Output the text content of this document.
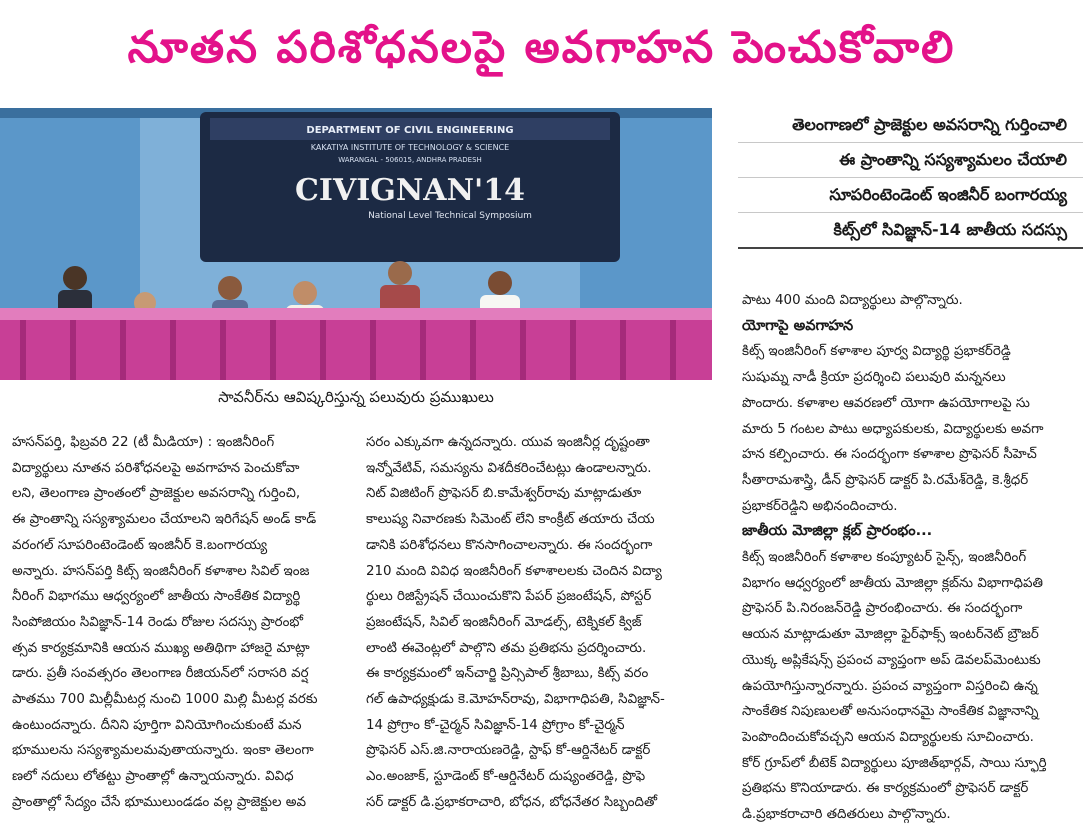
నూతన పరిశోధనలపై అవగాహన పెంచుకోవాలి
DEPARTMENT OF CIVIL ENGINEERING
KAKATIYA INSTITUTE OF TECHNOLOGY & SCIENCE
WARANGAL - 506015, ANDHRA PRADESH
CIVIGNAN'14
National Level Technical Symposium
సావనీర్‌ను ఆవిష్కరిస్తున్న పలువురు ప్రముఖులు
తెలంగాణలో ప్రాజెక్టుల అవసరాన్ని గుర్తించాలి
ఈ ప్రాంతాన్ని సస్యశ్యామలం చేయాలి
సూపరింటెండెంట్ ఇంజినీర్ బంగారయ్య
కిట్స్‌లో సివిజ్ఞాన్-14 జాతీయ సదస్సు

హసన్‌పర్తి, ఫిబ్రవరి 22 (టీ మీడియా) : ఇంజినీరింగ్

విద్యార్థులు నూతన పరిశోధనలపై అవగాహన పెంచుకోవా

లని, తెలంగాణ ప్రాంతంలో ప్రాజెక్టుల అవసరాన్ని గుర్తించి,

ఈ ప్రాంతాన్ని సస్యశ్యామలం చేయాలని ఇరిగేషన్ అండ్ కాడ్

వరంగల్ సూపరింటెండెంట్ ఇంజినీర్ కె.బంగారయ్య

అన్నారు. హసన్‌పర్తి కిట్స్ ఇంజినీరింగ్ కళాశాల సివిల్ ఇంజ

నీరింగ్ విభాగము ఆధ్వర్యంలో జాతీయ సాంకేతిక విద్యార్థి

సింపోజియం సివిజ్ఞాన్-14 రెండు రోజుల సదస్సు ప్రారంభో

త్సవ కార్యక్రమానికి ఆయన ముఖ్య అతిథిగా హాజరై మాట్లా

డారు. ప్రతీ సంవత్సరం తెలంగాణ రీజియన్‌లో సరాసరి వర్ష

పాతము 700 మిల్లీమీటర్ల నుంచి 1000 మిల్లి మీటర్ల వరకు

ఉంటుందన్నారు. దీనిని పూర్తిగా వినియోగించుకుంటే మన

భూములను సస్యశ్యామలమవుతాయన్నారు. ఇంకా తెలంగా

ణలో నదులు లోతట్టు ప్రాంతాల్లో ఉన్నాయన్నారు. వివిధ

ప్రాంతాల్లో సేద్యం చేసే భూములుండడం వల్ల ప్రాజెక్టుల అవ

సరం ఎక్కువగా ఉన్నదన్నారు. యువ ఇంజినీర్ల దృష్టంతా

ఇన్నోవేటివ్, సమస్యను విశదీకరించేటట్లు ఉండాలన్నారు.

నిట్ విజిటింగ్ ప్రొఫెసర్ బి.కామేశ్వర్‌రావు మాట్లాడుతూ

కాలుష్య నివారణకు సిమెంట్ లేని కాంక్రీట్ తయారు చేయ

డానికి పరిశోధనలు కొనసాగించాలన్నారు. ఈ సందర్భంగా

210 మంది వివిధ ఇంజినీరింగ్ కళాశాలలకు చెందిన విద్యా

ర్థులు రిజిస్ట్రేషన్ చేయించుకొని పేపర్ ప్రజంటేషన్, పోస్టర్

ప్రజంటేషన్, సివిల్ ఇంజినీరింగ్ మోడల్స్, టెక్నికల్ క్విజ్

లాంటి ఈవెంట్లలో పాల్గొని తమ ప్రతిభను ప్రదర్శించారు.

ఈ కార్యక్రమంలో ఇన్‌చార్జి ప్రిన్సిపాల్ శ్రీబాబు, కిట్స్ వరం

గల్ ఉపాధ్యక్షుడు కె.మోహన్‌రావు, విభాగాధిపతి, సివిజ్ఞాన్-

14 ప్రోగ్రాం కో-చైర్మన్ సివిజ్ఞాన్-14 ప్రోగ్రాం కో-చైర్మన్

ప్రొఫెసర్ ఎస్.జి.నారాయణరెడ్డి, స్టాఫ్ కో-ఆర్డినేటర్ డాక్టర్

ఎం.అంజాక్, స్టూడెంట్ కో-ఆర్డినేటర్ దుష్యంతరెడ్డి, ప్రొఫె

సర్ డాక్టర్ డి.ప్రభాకరాచారి, బోధన, బోధనేతర సిబ్బందితో

పాటు 400 మంది విద్యార్థులు పాల్గొన్నారు.

యోగాపై అవగాహన

కిట్స్ ఇంజినీరింగ్ కళాశాల పూర్వ విద్యార్థి ప్రభాకర్‌రెడ్డి

సుషుమ్న నాడీ క్రియా ప్రదర్శించి పలువురి మన్ననలు

పొందారు. కళాశాల ఆవరణలో యోగా ఉపయోగాలపై సు

మారు 5 గంటల పాటు అధ్యాపకులకు, విద్యార్థులకు అవగా

హన కల్పించారు. ఈ సందర్భంగా కళాశాల ప్రొఫెసర్ సీహెచ్

సీతారామశాస్త్రి, డీన్ ప్రొఫెసర్ డాక్టర్ పి.రమేశ్‌రెడ్డి, కె.శ్రీధర్

ప్రభాకర్‌రెడ్డిని అభినందించారు.

జాతీయ మోజిల్లా క్లబ్ ప్రారంభం...

కిట్స్ ఇంజినీరింగ్ కళాశాల కంప్యూటర్ సైన్స్, ఇంజినీరింగ్

విభాగం ఆధ్వర్యంలో జాతీయ మోజిల్లా క్లబ్‌ను విభాగాధిపతి

ప్రొఫెసర్ పి.నిరంజన్‌రెడ్డి ప్రారంభించారు. ఈ సందర్భంగా

ఆయన మాట్లాడుతూ మోజిల్లా ఫైర్‌ఫాక్స్ ఇంటర్‌నెట్ బ్రౌజర్

యొక్క అప్లికేషన్స్ ప్రపంచ వ్యాప్తంగా అప్ డెవలప్‌మెంటుకు

ఉపయోగిస్తున్నారన్నారు. ప్రపంచ వ్యాప్తంగా విస్తరించి ఉన్న

సాంకేతిక నిపుణులతో అనుసంధానమై సాంకేతిక విజ్ఞానాన్ని

పెంపొందించుకోవచ్చని ఆయన విద్యార్థులకు సూచించారు.

కోర్ గ్రూప్‌లో బీటెక్ విద్యార్థులు పూజిత్‌భార్గవ్, సాయి స్ఫూర్తి

ప్రతిభను కొనియాడారు. ఈ కార్యక్రమంలో ప్రొఫెసర్ డాక్టర్

డి.ప్రభాకరాచారి తదితరులు పాల్గొన్నారు.
